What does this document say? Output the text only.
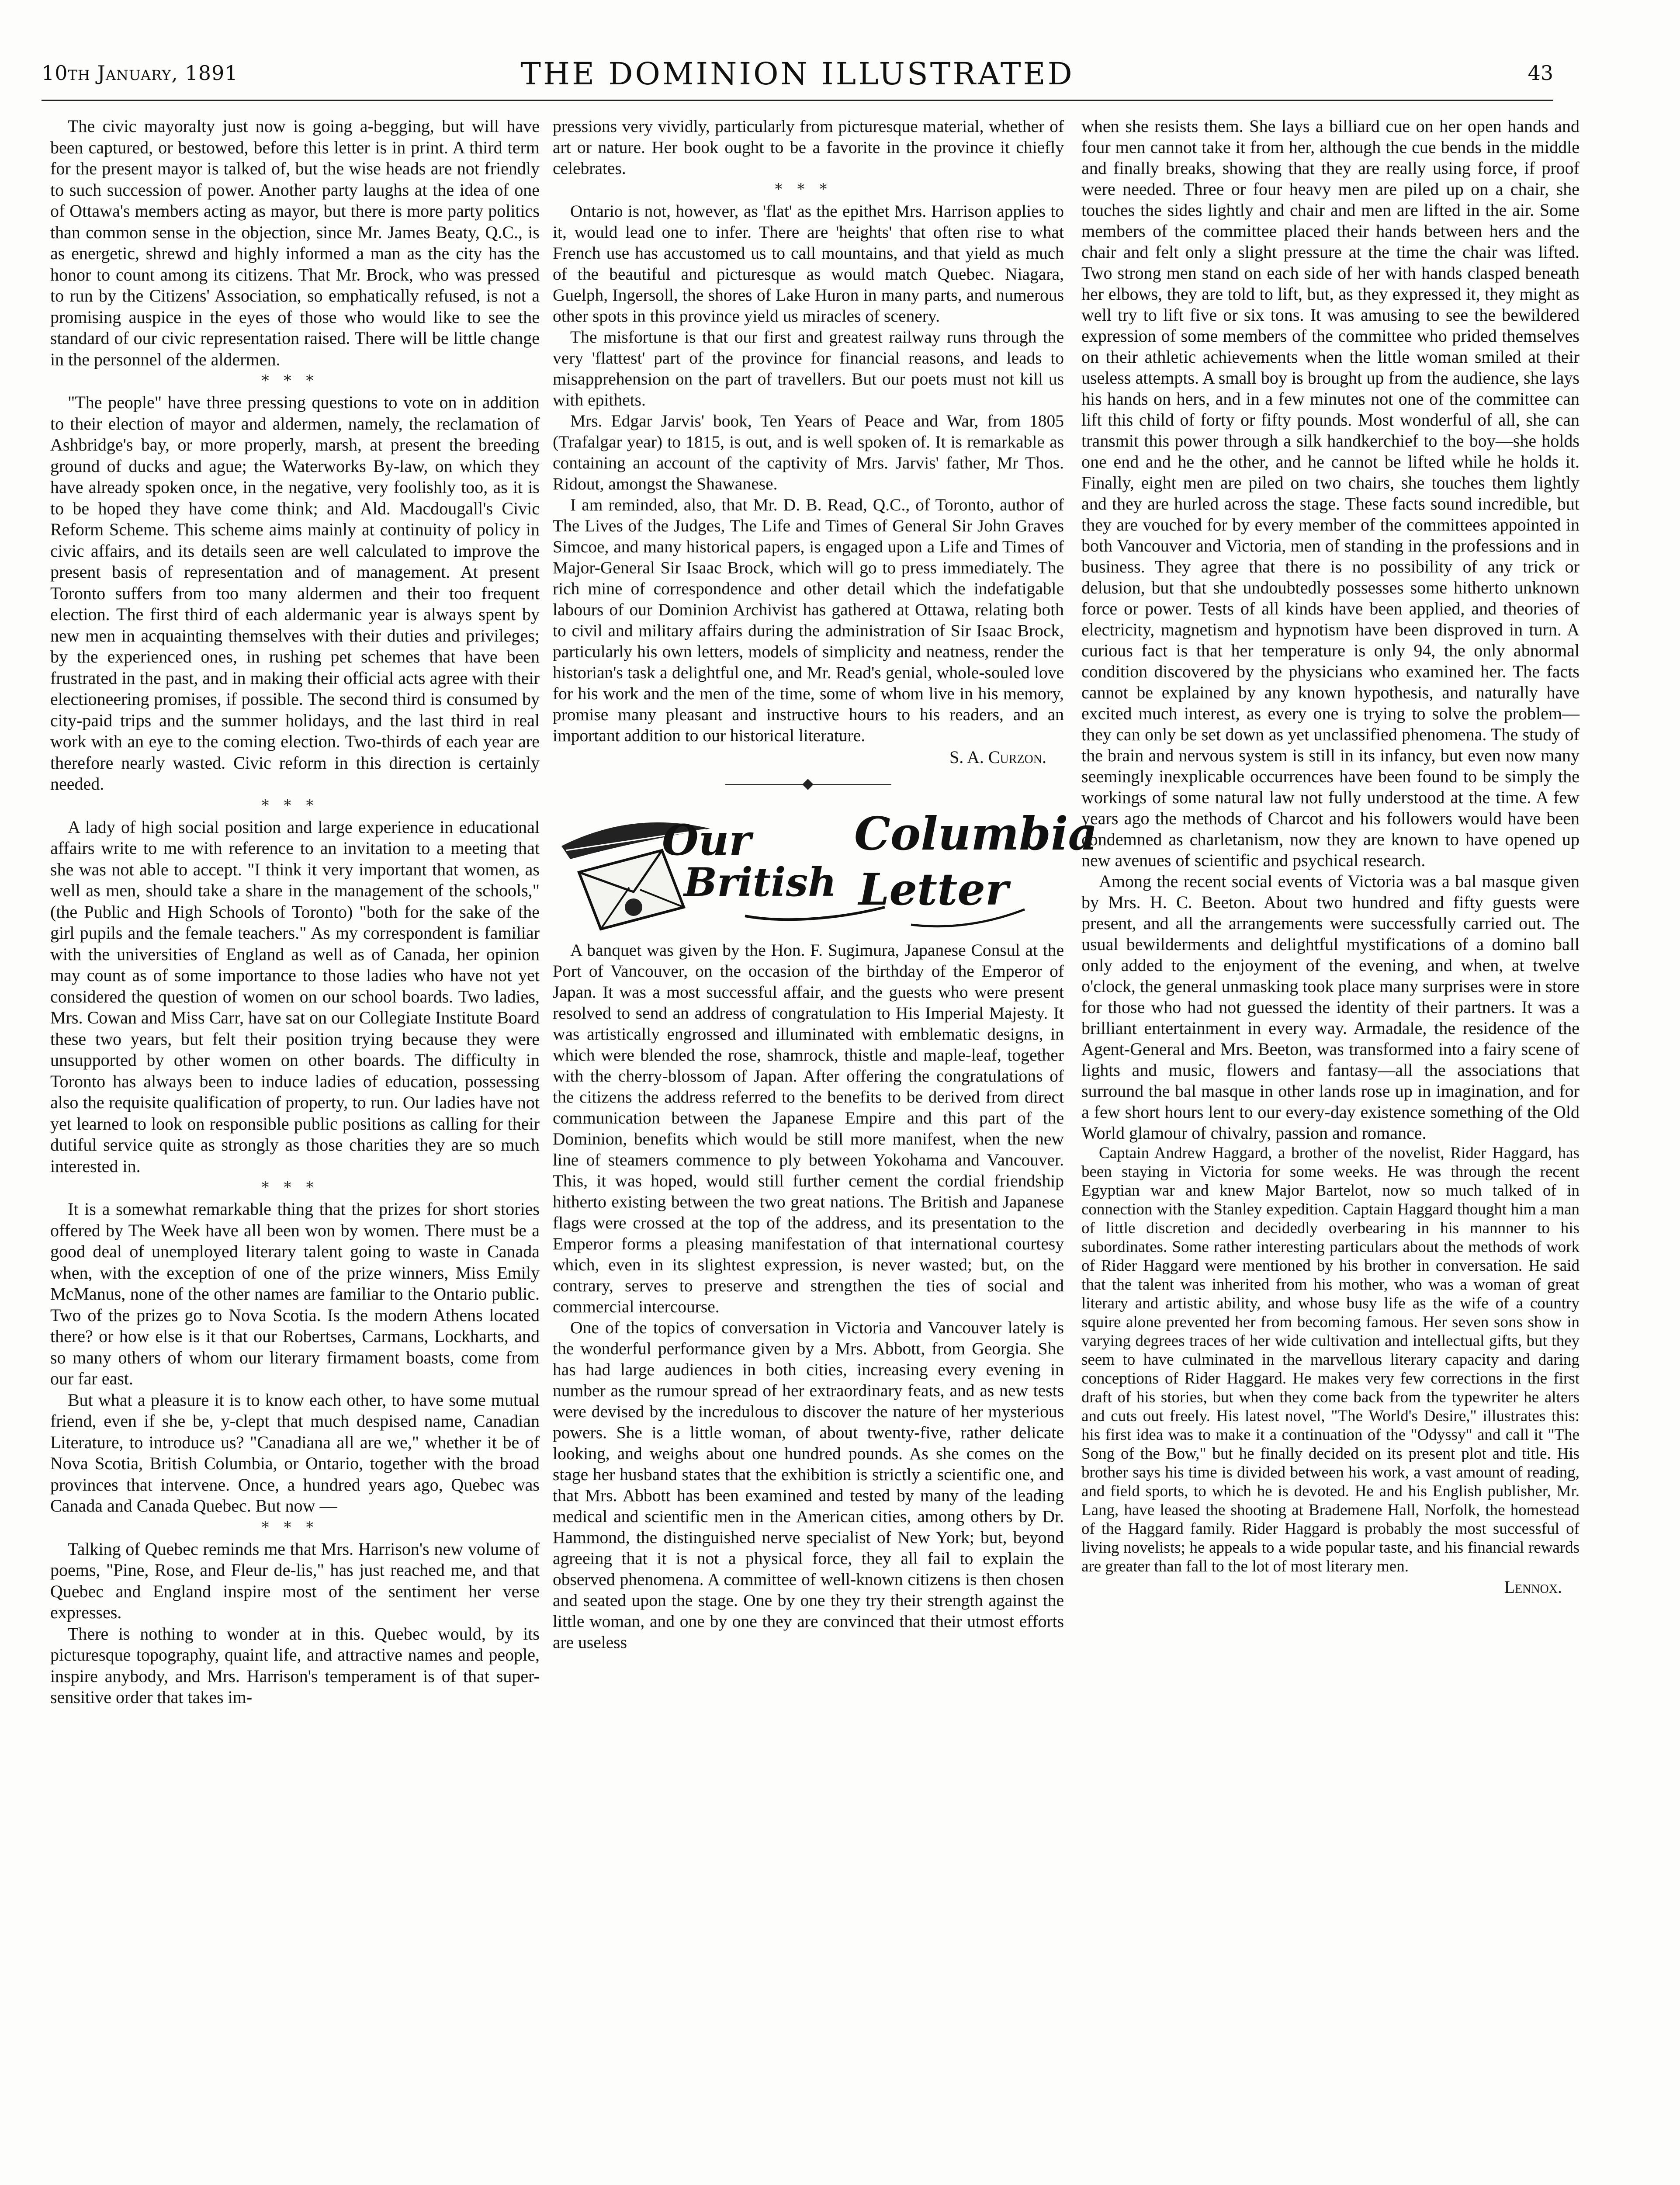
10th January, 1891	THE DOMINION ILLUSTRATED	43

The civic mayoralty just now is going a-begging, but will have been captured, or bestowed, before this letter is in print. A third term for the present mayor is talked of, but the wise heads are not friendly to such succession of power. Another party laughs at the idea of one of Ottawa's members acting as mayor, but there is more party politics than common sense in the objection, since Mr. James Beaty, Q.C., is as energetic, shrewd and highly informed a man as the city has the honor to count among its citizens. That Mr. Brock, who was pressed to run by the Citizens' Association, so emphatically refused, is not a promising auspice in the eyes of those who would like to see the standard of our civic representation raised. There will be little change in the personnel of the aldermen.

***

"The people" have three pressing questions to vote on in addition to their election of mayor and aldermen, namely, the reclamation of Ashbridge's bay, or more properly, marsh, at present the breeding ground of ducks and ague; the Waterworks By-law, on which they have already spoken once, in the negative, very foolishly too, as it is to be hoped they have come think; and Ald. Macdougall's Civic Reform Scheme. This scheme aims mainly at continuity of policy in civic affairs, and its details seen are well calculated to improve the present basis of representation and of management. At present Toronto suffers from too many aldermen and their too frequent election. The first third of each aldermanic year is always spent by new men in acquainting themselves with their duties and privileges; by the experienced ones, in rushing pet schemes that have been frustrated in the past, and in making their official acts agree with their electioneering promises, if possible. The second third is consumed by city-paid trips and the summer holidays, and the last third in real work with an eye to the coming election. Two-thirds of each year are therefore nearly wasted. Civic reform in this direction is certainly needed.

***

A lady of high social position and large experience in educational affairs write to me with reference to an invitation to a meeting that she was not able to accept. "I think it very important that women, as well as men, should take a share in the management of the schools," (the Public and High Schools of Toronto) "both for the sake of the girl pupils and the female teachers." As my correspondent is familiar with the universities of England as well as of Canada, her opinion may count as of some importance to those ladies who have not yet considered the question of women on our school boards. Two ladies, Mrs. Cowan and Miss Carr, have sat on our Collegiate Institute Board these two years, but felt their position trying because they were unsupported by other women on other boards. The difficulty in Toronto has always been to induce ladies of education, possessing also the requisite qualification of property, to run. Our ladies have not yet learned to look on responsible public positions as calling for their dutiful service quite as strongly as those charities they are so much interested in.

***

It is a somewhat remarkable thing that the prizes for short stories offered by The Week have all been won by women. There must be a good deal of unemployed literary talent going to waste in Canada when, with the exception of one of the prize winners, Miss Emily McManus, none of the other names are familiar to the Ontario public. Two of the prizes go to Nova Scotia. Is the modern Athens located there? or how else is it that our Robertses, Carmans, Lockharts, and so many others of whom our literary firmament boasts, come from our far east.

But what a pleasure it is to know each other, to have some mutual friend, even if she be, y-clept that much despised name, Canadian Literature, to introduce us? "Canadiana all are we," whether it be of Nova Scotia, British Columbia, or Ontario, together with the broad provinces that intervene. Once, a hundred years ago, Quebec was Canada and Canada Quebec. But now —

***

Talking of Quebec reminds me that Mrs. Harrison's new volume of poems, "Pine, Rose, and Fleur de-lis," has just reached me, and that Quebec and England inspire most of the sentiment her verse expresses.

There is nothing to wonder at in this. Quebec would, by its picturesque topography, quaint life, and attractive names and people, inspire anybody, and Mrs. Harrison's temperament is of that super-sensitive order that takes im-

pressions very vividly, particularly from picturesque material, whether of art or nature. Her book ought to be a favorite in the province it chiefly celebrates.

***

Ontario is not, however, as 'flat' as the epithet Mrs. Harrison applies to it, would lead one to infer. There are 'heights' that often rise to what French use has accustomed us to call mountains, and that yield as much of the beautiful and picturesque as would match Quebec. Niagara, Guelph, Ingersoll, the shores of Lake Huron in many parts, and numerous other spots in this province yield us miracles of scenery.

The misfortune is that our first and greatest railway runs through the very 'flattest' part of the province for financial reasons, and leads to misapprehension on the part of travellers. But our poets must not kill us with epithets.

Mrs. Edgar Jarvis' book, Ten Years of Peace and War, from 1805 (Trafalgar year) to 1815, is out, and is well spoken of. It is remarkable as containing an account of the captivity of Mrs. Jarvis' father, Mr Thos. Ridout, amongst the Shawanese.

I am reminded, also, that Mr. D. B. Read, Q.C., of Toronto, author of The Lives of the Judges, The Life and Times of General Sir John Graves Simcoe, and many historical papers, is engaged upon a Life and Times of Major-General Sir Isaac Brock, which will go to press immediately. The rich mine of correspondence and other detail which the indefatigable labours of our Dominion Archivist has gathered at Ottawa, relating both to civil and military affairs during the administration of Sir Isaac Brock, particularly his own letters, models of simplicity and neatness, render the historian's task a delightful one, and Mr. Read's genial, whole-souled love for his work and the men of the time, some of whom live in his memory, promise many pleasant and instructive hours to his readers, and an important addition to our historical literature.

S. A. Curzon.
Our
British
Columbia
Letter

A banquet was given by the Hon. F. Sugimura, Japanese Consul at the Port of Vancouver, on the occasion of the birthday of the Emperor of Japan. It was a most successful affair, and the guests who were present resolved to send an address of congratulation to His Imperial Majesty. It was artistically engrossed and illuminated with emblematic designs, in which were blended the rose, shamrock, thistle and maple-leaf, together with the cherry-blossom of Japan. After offering the congratulations of the citizens the address referred to the benefits to be derived from direct communication between the Japanese Empire and this part of the Dominion, benefits which would be still more manifest, when the new line of steamers commence to ply between Yokohama and Vancouver. This, it was hoped, would still further cement the cordial friendship hitherto existing between the two great nations. The British and Japanese flags were crossed at the top of the address, and its presentation to the Emperor forms a pleasing manifestation of that international courtesy which, even in its slightest expression, is never wasted; but, on the contrary, serves to preserve and strengthen the ties of social and commercial intercourse.

One of the topics of conversation in Victoria and Vancouver lately is the wonderful performance given by a Mrs. Abbott, from Georgia. She has had large audiences in both cities, increasing every evening in number as the rumour spread of her extraordinary feats, and as new tests were devised by the incredulous to discover the nature of her mysterious powers. She is a little woman, of about twenty-five, rather delicate looking, and weighs about one hundred pounds. As she comes on the stage her husband states that the exhibition is strictly a scientific one, and that Mrs. Abbott has been examined and tested by many of the leading medical and scientific men in the American cities, among others by Dr. Hammond, the distinguished nerve specialist of New York; but, beyond agreeing that it is not a physical force, they all fail to explain the observed phenomena. A committee of well-known citizens is then chosen and seated upon the stage. One by one they try their strength against the little woman, and one by one they are convinced that their utmost efforts are useless

when she resists them. She lays a billiard cue on her open hands and four men cannot take it from her, although the cue bends in the middle and finally breaks, showing that they are really using force, if proof were needed. Three or four heavy men are piled up on a chair, she touches the sides lightly and chair and men are lifted in the air. Some members of the committee placed their hands between hers and the chair and felt only a slight pressure at the time the chair was lifted. Two strong men stand on each side of her with hands clasped beneath her elbows, they are told to lift, but, as they expressed it, they might as well try to lift five or six tons. It was amusing to see the bewildered expression of some members of the committee who prided themselves on their athletic achievements when the little woman smiled at their useless attempts. A small boy is brought up from the audience, she lays his hands on hers, and in a few minutes not one of the committee can lift this child of forty or fifty pounds. Most wonderful of all, she can transmit this power through a silk handkerchief to the boy—she holds one end and he the other, and he cannot be lifted while he holds it. Finally, eight men are piled on two chairs, she touches them lightly and they are hurled across the stage. These facts sound incredible, but they are vouched for by every member of the committees appointed in both Vancouver and Victoria, men of standing in the professions and in business. They agree that there is no possibility of any trick or delusion, but that she undoubtedly possesses some hitherto unknown force or power. Tests of all kinds have been applied, and theories of electricity, magnetism and hypnotism have been disproved in turn. A curious fact is that her temperature is only 94, the only abnormal condition discovered by the physicians who examined her. The facts cannot be explained by any known hypothesis, and naturally have excited much interest, as every one is trying to solve the problem—they can only be set down as yet unclassified phenomena. The study of the brain and nervous system is still in its infancy, but even now many seemingly inexplicable occurrences have been found to be simply the workings of some natural law not fully understood at the time. A few years ago the methods of Charcot and his followers would have been condemned as charletanism, now they are known to have opened up new avenues of scientific and psychical research.

Among the recent social events of Victoria was a bal masque given by Mrs. H. C. Beeton. About two hundred and fifty guests were present, and all the arrangements were successfully carried out. The usual bewilderments and delightful mystifications of a domino ball only added to the enjoyment of the evening, and when, at twelve o'clock, the general unmasking took place many surprises were in store for those who had not guessed the identity of their partners. It was a brilliant entertainment in every way. Armadale, the residence of the Agent-General and Mrs. Beeton, was transformed into a fairy scene of lights and music, flowers and fantasy—all the associations that surround the bal masque in other lands rose up in imagination, and for a few short hours lent to our every-day existence something of the Old World glamour of chivalry, passion and romance.

Captain Andrew Haggard, a brother of the novelist, Rider Haggard, has been staying in Victoria for some weeks. He was through the recent Egyptian war and knew Major Bartelot, now so much talked of in connection with the Stanley expedition. Captain Haggard thought him a man of little discretion and decidedly overbearing in his mannner to his subordinates. Some rather interesting particulars about the methods of work of Rider Haggard were mentioned by his brother in conversation. He said that the talent was inherited from his mother, who was a woman of great literary and artistic ability, and whose busy life as the wife of a country squire alone prevented her from becoming famous. Her seven sons show in varying degrees traces of her wide cultivation and intellectual gifts, but they seem to have culminated in the marvellous literary capacity and daring conceptions of Rider Haggard. He makes very few corrections in the first draft of his stories, but when they come back from the typewriter he alters and cuts out freely. His latest novel, "The World's Desire," illustrates this: his first idea was to make it a continuation of the "Odyssy" and call it "The Song of the Bow," but he finally decided on its present plot and title. His brother says his time is divided between his work, a vast amount of reading, and field sports, to which he is devoted. He and his English publisher, Mr. Lang, have leased the shooting at Brademene Hall, Norfolk, the homestead of the Haggard family. Rider Haggard is probably the most successful of living novelists; he appeals to a wide popular taste, and his financial rewards are greater than fall to the lot of most literary men.

Lennox.
